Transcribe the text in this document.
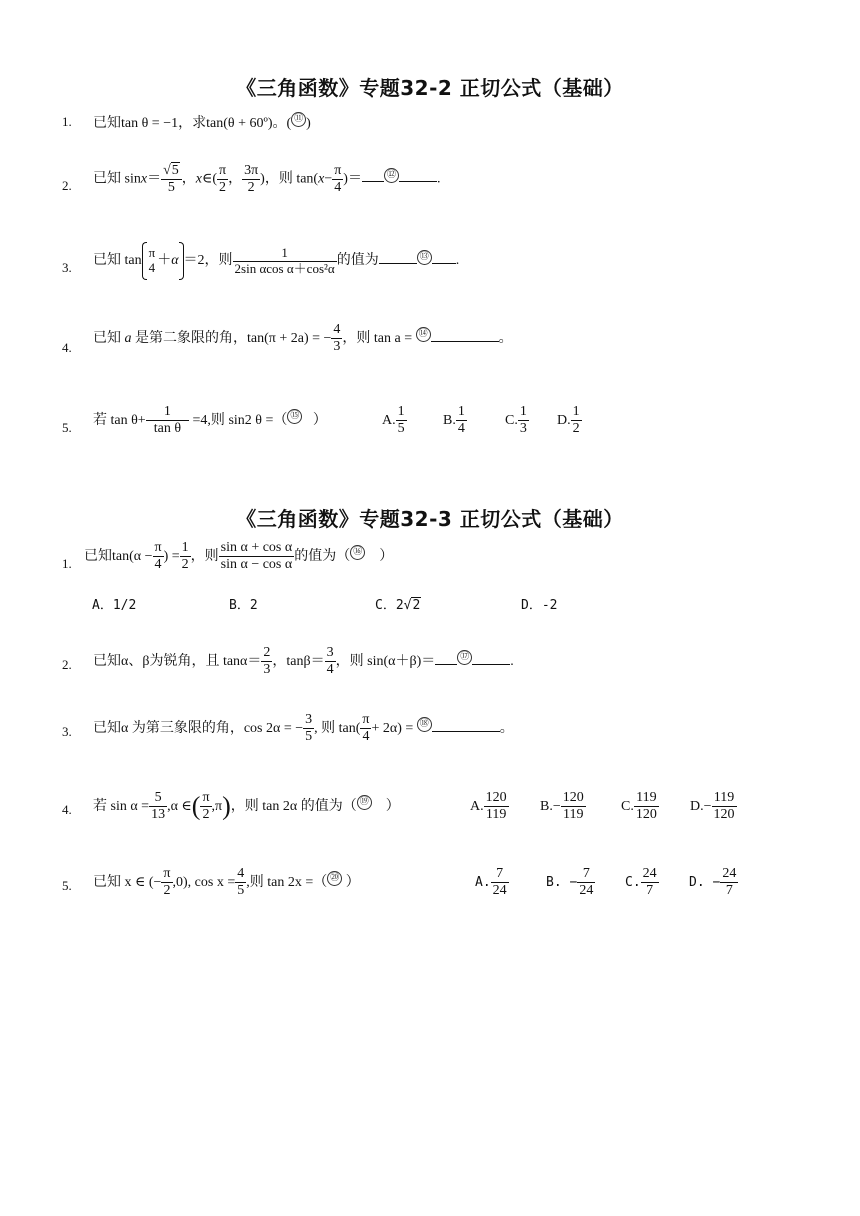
《三角函数》专题32-2 正切公式（基础）
1. 已知tan θ = −1，求tan(θ + 60º)。( ⑪ )
2. 已知 $\sin x= \frac{√5}{5}$ ，x∈( $\frac{\pi}{2}$ ， $\frac{3\pi}{2}$ )，则 $\tan(x- \frac{\pi}{4}$ )＝	⑫	.
3. 已知 tan
π
4 ＋α ＝2，则 $\frac{1}{\text{2sin αcos α＋cos²α}}$ 的值为	⑬ .
4.
已知 a 是第二象限的角，tan(π + 2a) = − $\frac{4}{3}$ ，则 tan a = ⑭	。
5. 若 $\tan \theta+ \frac{1}{\text{tan θ}} =4$,则 sin2 θ =（ ⑮ ）	A. $\frac{1}{5}$	B. $\frac{1}{4}$	C. $\frac{1}{3} D$. $\frac{1}{2}$
《三角函数》专题32-3 正切公式（基础）
1. 已知$\tan(\alpha - \frac{\pi}{4}$ ) = $\frac{1}{2}$ ，则 $\frac{\text{sin α + cos α}}{\text{sin α − cos α}}$ 的值为（ ⑯ ）
A．1/2	B．2	C．2√2	D．-2
2. 已知α、β为锐角，且 $\tan\alpha= \frac{2}{3}$ ，$\tan\beta= \frac{3}{4}$ ，则 sin(α＋β)＝	⑰	.
3. 已知α 为第三象限的角，cos 2α = − $\frac{3}{5}$ , 则 $\tan( \frac{\pi}{4} + 2\alpha)$ = ⑱	。
4. 若 $\sin \alpha = \frac{5}{13} ,\alpha$ ∈( $\frac{\pi}{2} ,\pi$)，则 tan 2α 的值为（ ⑲ ）	A. $\frac{120}{119} B.- \frac{120}{119}$	C. $\frac{119}{120} D.- \frac{119}{120}$
5. 已知 x ∈ (− $\frac{\pi}{2} ,0$), $\cos x = \frac{4}{5}$ ,则 tan 2x =（ ⑳ ）	A. $\frac{7}{24}$	B. − $\frac{7}{24} C$. $\frac{24}{7} D$. − $\frac{24}{7}$
